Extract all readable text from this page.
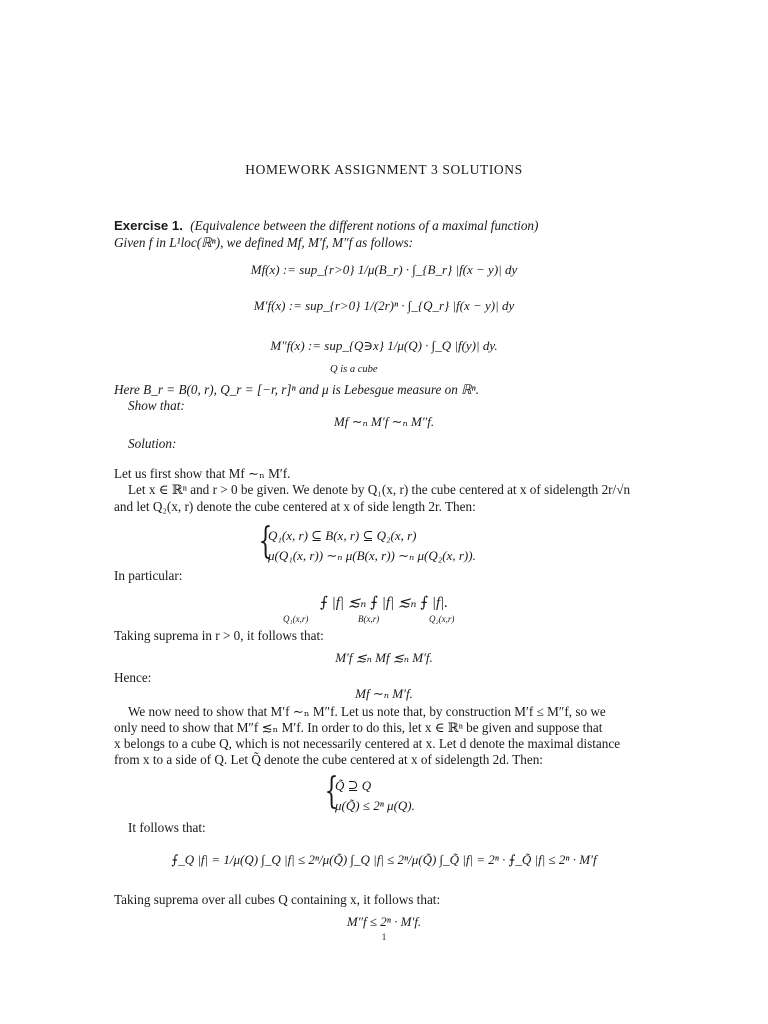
HOMEWORK ASSIGNMENT 3 SOLUTIONS
Exercise 1. (Equivalence between the different notions of a maximal function)
Given f in L¹loc(ℝⁿ), we defined Mf, M′f, M″f as follows:
Mf(x) := sup_{r>0} 1/μ(B_r) · ∫_{B_r} |f(x − y)| dy
M′f(x) := sup_{r>0} 1/(2r)ⁿ · ∫_{Q_r} |f(x − y)| dy
M″f(x) := sup_{Q∋x} 1/μ(Q) · ∫_Q |f(y)| dy.
Q is a cube
Here B_r = B(0, r), Q_r = [−r, r]ⁿ and μ is Lebesgue measure on ℝⁿ.
Show that:
Mf ∼ₙ M′f ∼ₙ M″f.
Solution:
Let us first show that Mf ∼ₙ M′f.
Let x ∈ ℝⁿ and r > 0 be given. We denote by Q₁(x, r) the cube centered at x of sidelength 2r/√n
and let Q₂(x, r) denote the cube centered at x of side length 2r. Then:
{
Q₁(x, r) ⊆ B(x, r) ⊆ Q₂(x, r)
μ(Q₁(x, r)) ∼ₙ μ(B(x, r)) ∼ₙ μ(Q₂(x, r)).
In particular:
⨍ |f| ≲ₙ ⨍ |f| ≲ₙ ⨍ |f|.
Q₁(x,r)	B(x,r)	Q₂(x,r)
Taking suprema in r > 0, it follows that:
M′f ≲ₙ Mf ≲ₙ M′f.
Hence:
Mf ∼ₙ M′f.
We now need to show that M′f ∼ₙ M″f. Let us note that, by construction M′f ≤ M″f, so we
only need to show that M″f ≲ₙ M′f. In order to do this, let x ∈ ℝⁿ be given and suppose that
x belongs to a cube Q, which is not necessarily centered at x. Let d denote the maximal distance
from x to a side of Q. Let Q̃ denote the cube centered at x of sidelength 2d. Then:
{
Q̃ ⊇ Q
μ(Q̃) ≤ 2ⁿ μ(Q).
It follows that:
⨍_Q |f| = 1/μ(Q) ∫_Q |f| ≤ 2ⁿ/μ(Q̃) ∫_Q |f| ≤ 2ⁿ/μ(Q̃) ∫_Q̃ |f| = 2ⁿ · ⨍_Q̃ |f| ≤ 2ⁿ · M′f
Taking suprema over all cubes Q containing x, it follows that:
M″f ≤ 2ⁿ · M′f.
1
